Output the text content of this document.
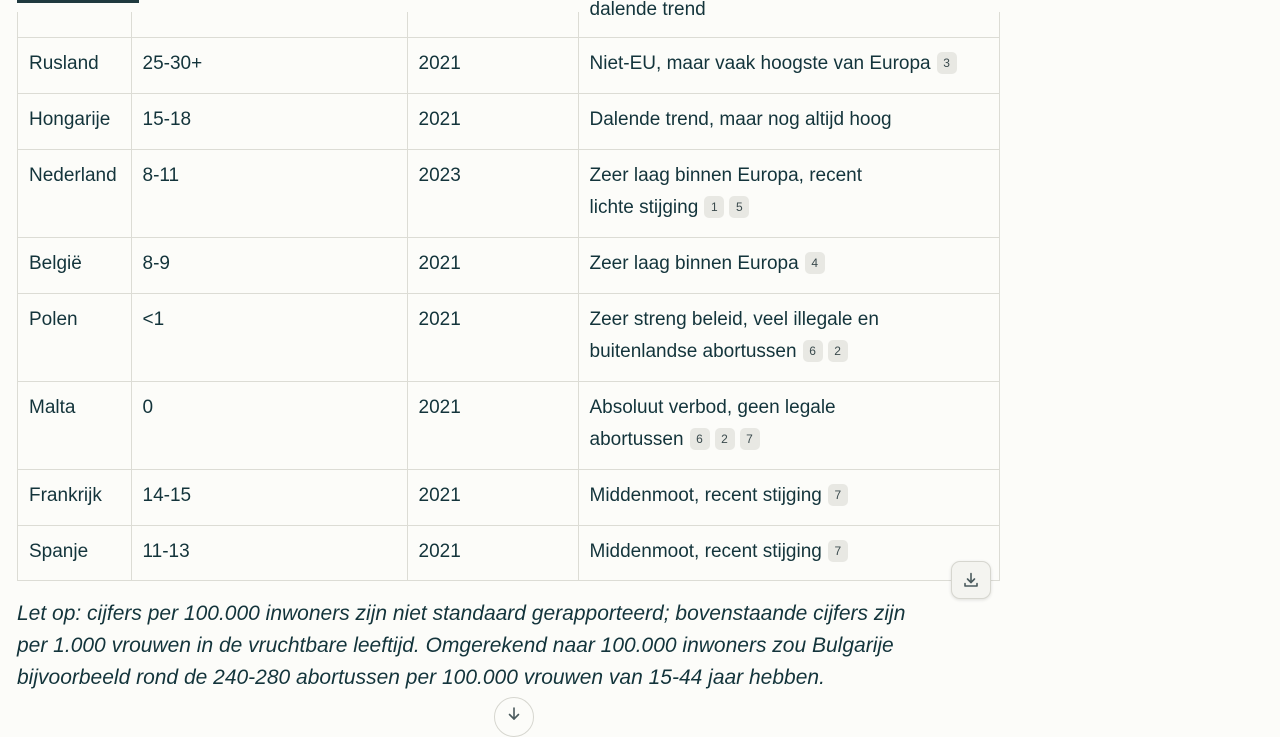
			dalende trend

Rusland	25-30+	2021	Niet-EU, maar vaak hoogste van Europa 3
Hongarije	15-18	2021	Dalende trend, maar nog altijd hoog
Nederland	8-11	2023	Zeer laag binnen Europa, recent
lichte stijging 1 5
België	8-9	2021	Zeer laag binnen Europa 4
Polen	<1	2021	Zeer streng beleid, veel illegale en
buitenlandse abortussen 6 2
Malta	0	2021	Absoluut verbod, geen legale
abortussen 6 2 7
Frankrijk	14-15	2021	Middenmoot, recent stijging 7
Spanje	11-13	2021	Middenmoot, recent stijging 7
Let op: cijfers per 100.000 inwoners zijn niet standaard gerapporteerd; bovenstaande cijfers zijn
per 1.000 vrouwen in de vruchtbare leeftijd. Omgerekend naar 100.000 inwoners zou Bulgarije
bijvoorbeeld rond de 240-280 abortussen per 100.000 vrouwen van 15-44 jaar hebben.
